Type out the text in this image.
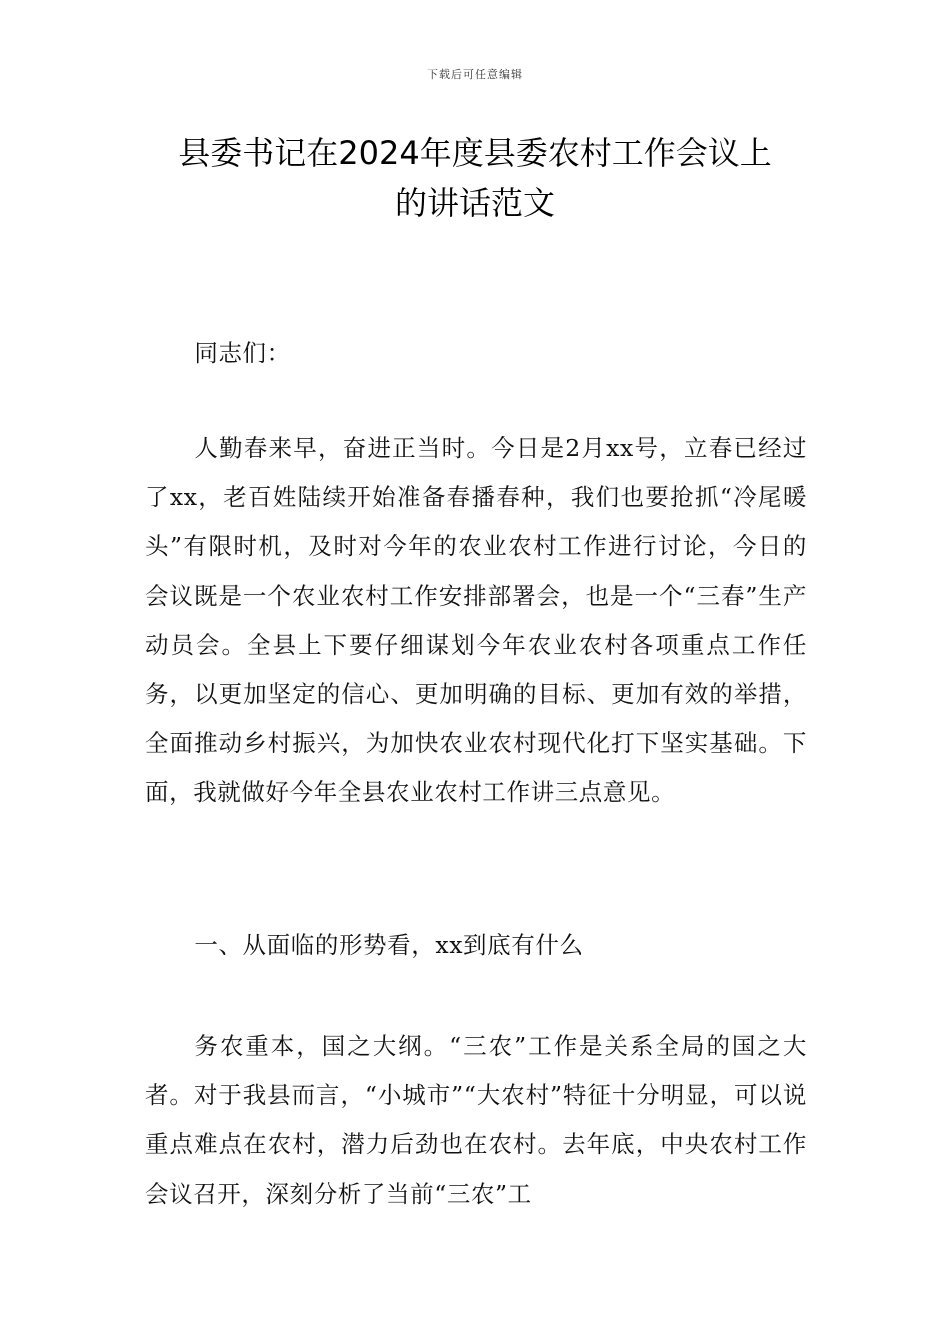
下载后可任意编辑
县委书记在2024年度县委农村工作会议上
的讲话范文

同志们：

人勤春来早，奋进正当时。今日是2月xx号，立春已经过了xx，老百姓陆续开始准备春播春种，我们也要抢抓“冷尾暖头”有限时机，及时对今年的农业农村工作进行讨论，今日的会议既是一个农业农村工作安排部署会，也是一个“三春”生产动员会。全县上下要仔细谋划今年农业农村各项重点工作任务，以更加坚定的信心、更加明确的目标、更加有效的举措，全面推动乡村振兴，为加快农业农村现代化打下坚实基础。下面，我就做好今年全县农业农村工作讲三点意见。

一、从面临的形势看，xx到底有什么

务农重本，国之大纲。“三农”工作是关系全局的国之大者。对于我县而言，“小城市”“大农村”特征十分明显，可以说重点难点在农村，潜力后劲也在农村。去年底，中央农村工作会议召开，深刻分析了当前“三农”工
